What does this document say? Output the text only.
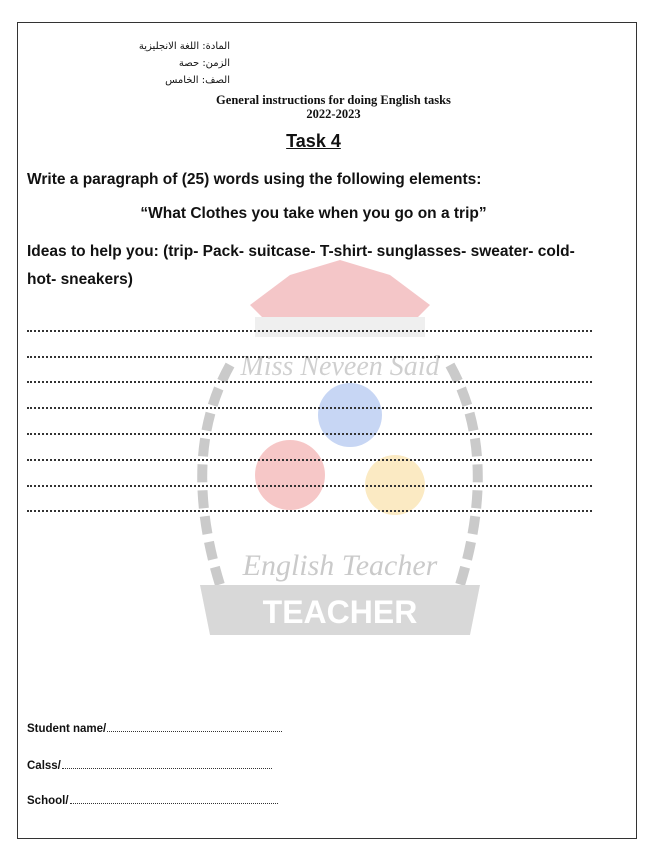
Miss Neveen Said
English Teacher
TEACHER
المادة: اللغة الانجليزية
الزمن: حصة
الصف: الخامس
General instructions for doing English tasks
2022-2023
Task 4
Write a paragraph of (25) words using the following elements:
“What Clothes you take when you go on a trip”
Ideas to help you: (trip- Pack- suitcase- T-shirt- sunglasses- sweater- cold- hot- sneakers)
Student name/
Calss/
School/
